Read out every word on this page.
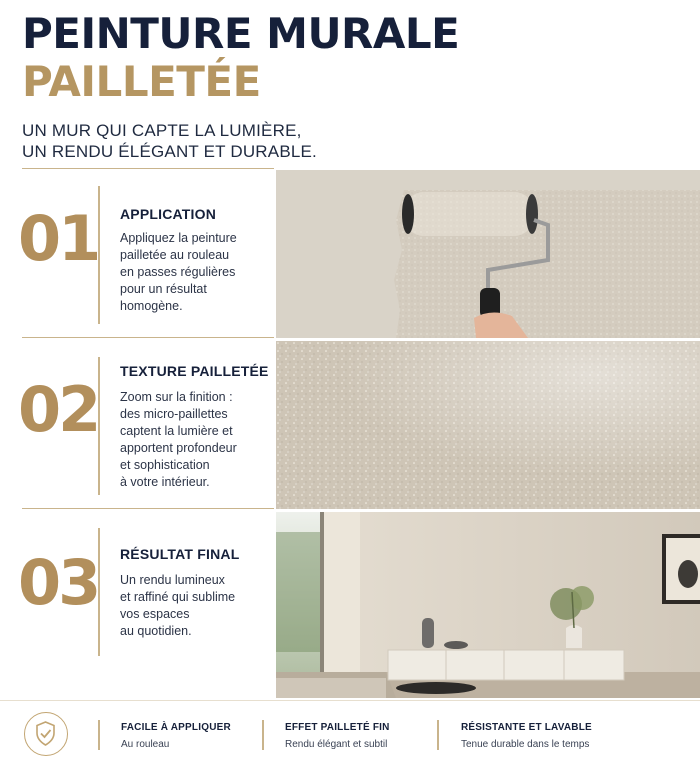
PEINTURE MURALE
PAILLETÉE
UN MUR QUI CAPTE LA LUMIÈRE,
UN RENDU ÉLÉGANT ET DURABLE.
01 APPLICATION
Appliquez la peinture
pailletée au rouleau
en passes régulières
pour un résultat
homogène.
02
TEXTURE PAILLETÉE
Zoom sur la finition :
des micro-paillettes
captent la lumière et
apportent profondeur
et sophistication
à votre intérieur.
03 RÉSULTAT FINAL
Un rendu lumineux
et raffiné qui sublime
vos espaces
au quotidien.
FACILE À APPLIQUER
Au rouleau
EFFET PAILLETÉ FIN
Rendu élégant et subtil
RÉSISTANTE ET LAVABLE
Tenue durable dans le temps
